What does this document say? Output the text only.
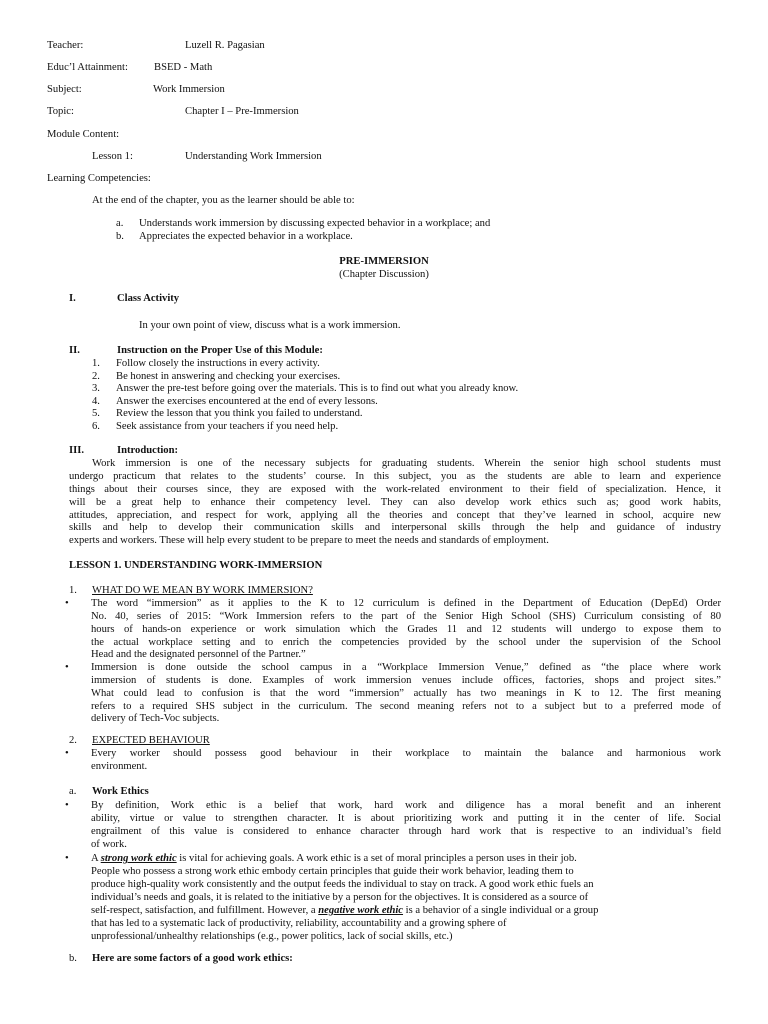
Teacher:	Luzell R. Pagasian
Educ’l Attainment: BSED - Math
Subject:	Work Immersion
Topic:	Chapter I – Pre-Immersion
Module Content:
Lesson 1:	Understanding Work Immersion
Learning Competencies:
At the end of the chapter, you as the learner should be able to:
a. Understands work immersion by discussing expected behavior in a workplace; and
b. Appreciates the expected behavior in a workplace.
PRE-IMMERSION
(Chapter Discussion)
I.	Class Activity
In your own point of view, discuss what is a work immersion.
II.	Instruction on the Proper Use of this Module:
1. Follow closely the instructions in every activity.
2. Be honest in answering and checking your exercises.
3. Answer the pre-test before going over the materials. This is to find out what you already know.
4. Answer the exercises encountered at the end of every lessons.
5. Review the lesson that you think you failed to understand.
6. Seek assistance from your teachers if you need help.
III.	Introduction:
Work immersion is one of the necessary subjects for graduating students. Wherein the senior high school students must
undergo practicum that relates to the students’ course. In this subject, you as the students are able to learn and experience
things about their courses since, they are exposed with the work-related environment to their field of specialization. Hence, it
will be a great help to enhance their competency level. They can also develop work ethics such as; good work habits,
attitudes, appreciation, and respect for work, applying all the theories and concept that they’ve learned in school, acquire new
skills and help to develop their communication skills and interpersonal skills through the help and guidance of industry
experts and workers. These will help every student to be prepare to meet the needs and standards of employment.
LESSON 1. UNDERSTANDING WORK-IMMERSION
1. WHAT DO WE MEAN BY WORK IMMERSION?
• The word “immersion” as it applies to the K to 12 curriculum is defined in the Department of Education (DepEd) Order
No. 40, series of 2015: “Work Immersion refers to the part of the Senior High School (SHS) Curriculum consisting of 80
hours of hands-on experience or work simulation which the Grades 11 and 12 students will undergo to expose them to
the actual workplace setting and to enrich the competencies provided by the school under the supervision of the School
Head and the designated personnel of the Partner.”
• Immersion is done outside the school campus in a “Workplace Immersion Venue,” defined as “the place where work
immersion of students is done. Examples of work immersion venues include offices, factories, shops and project sites.”
What could lead to confusion is that the word “immersion” actually has two meanings in K to 12. The first meaning
refers to a required SHS subject in the curriculum. The second meaning refers not to a subject but to a preferred mode of
delivery of Tech-Voc subjects.
2. EXPECTED BEHAVIOUR
• Every worker should possess good behaviour in their workplace to maintain the balance and harmonious work
environment.
a. Work Ethics
• By definition, Work ethic is a belief that work, hard work and diligence has a moral benefit and an inherent
ability, virtue or value to strengthen character. It is about prioritizing work and putting it in the center of life. Social
engrailment of this value is considered to enhance character through hard work that is respective to an individual’s field
of work.
• A strong work ethic is vital for achieving goals. A work ethic is a set of moral principles a person uses in their job.
People who possess a strong work ethic embody certain principles that guide their work behavior, leading them to
produce high-quality work consistently and the output feeds the individual to stay on track. A good work ethic fuels an
individual’s needs and goals, it is related to the initiative by a person for the objectives. It is considered as a source of
self-respect, satisfaction, and fulfillment. However, a negative work ethic is a behavior of a single individual or a group
that has led to a systematic lack of productivity, reliability, accountability and a growing sphere of
unprofessional/unhealthy relationships (e.g., power politics, lack of social skills, etc.)
b. Here are some factors of a good work ethics:
